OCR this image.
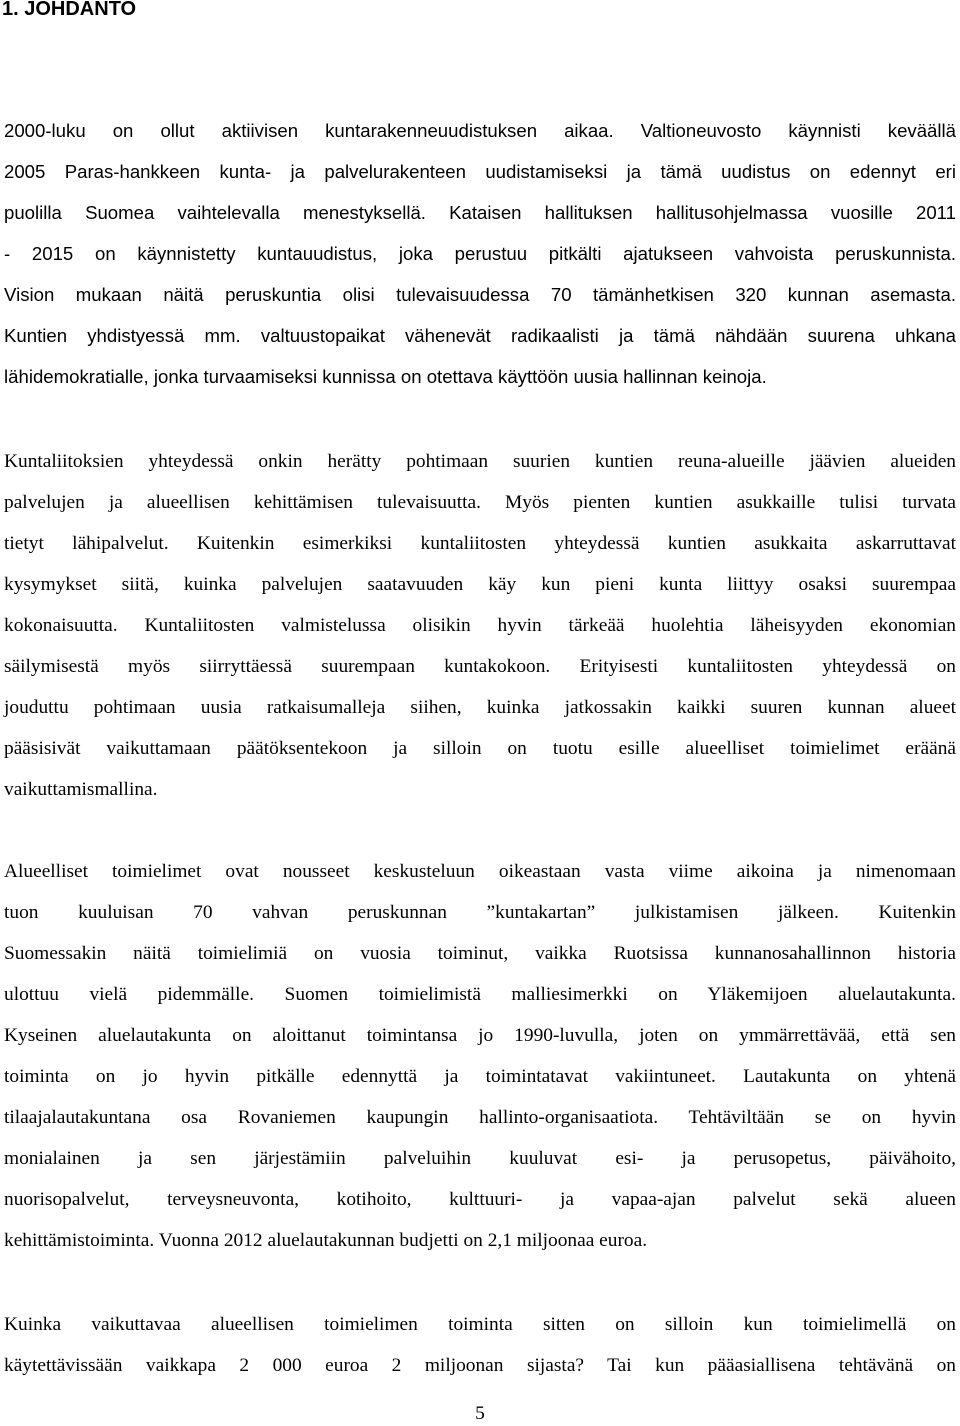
1. JOHDANTO
2000-luku on ollut aktiivisen kuntarakenneuudistuksen aikaa. Valtioneuvosto käynnisti keväällä
2005 Paras-hankkeen kunta- ja palvelurakenteen uudistamiseksi ja tämä uudistus on edennyt eri
puolilla Suomea vaihtelevalla menestyksellä. Kataisen hallituksen hallitusohjelmassa vuosille 2011
- 2015 on käynnistetty kuntauudistus, joka perustuu pitkälti ajatukseen vahvoista peruskunnista.
Vision mukaan näitä peruskuntia olisi tulevaisuudessa 70 tämänhetkisen 320 kunnan asemasta.
Kuntien yhdistyessä mm. valtuustopaikat vähenevät radikaalisti ja tämä nähdään suurena uhkana
lähidemokratialle, jonka turvaamiseksi kunnissa on otettava käyttöön uusia hallinnan keinoja.
Kuntaliitoksien yhteydessä onkin herätty pohtimaan suurien kuntien reuna-alueille jäävien alueiden
palvelujen ja alueellisen kehittämisen tulevaisuutta. Myös pienten kuntien asukkaille tulisi turvata
tietyt lähipalvelut. Kuitenkin esimerkiksi kuntaliitosten yhteydessä kuntien asukkaita askarruttavat
kysymykset siitä, kuinka palvelujen saatavuuden käy kun pieni kunta liittyy osaksi suurempaa
kokonaisuutta. Kuntaliitosten valmistelussa olisikin hyvin tärkeää huolehtia läheisyyden ekonomian
säilymisestä myös siirryttäessä suurempaan kuntakokoon. Erityisesti kuntaliitosten yhteydessä on
jouduttu pohtimaan uusia ratkaisumalleja siihen, kuinka jatkossakin kaikki suuren kunnan alueet
pääsisivät vaikuttamaan päätöksentekoon ja silloin on tuotu esille alueelliset toimielimet eräänä
vaikuttamismallina.
Alueelliset toimielimet ovat nousseet keskusteluun oikeastaan vasta viime aikoina ja nimenomaan
tuon kuuluisan 70 vahvan peruskunnan ”kuntakartan” julkistamisen jälkeen. Kuitenkin
Suomessakin näitä toimielimiä on vuosia toiminut, vaikka Ruotsissa kunnanosahallinnon historia
ulottuu vielä pidemmälle. Suomen toimielimistä malliesimerkki on Yläkemijoen aluelautakunta.
Kyseinen aluelautakunta on aloittanut toimintansa jo 1990-luvulla, joten on ymmärrettävää, että sen
toiminta on jo hyvin pitkälle edennyttä ja toimintatavat vakiintuneet. Lautakunta on yhtenä
tilaajalautakuntana osa Rovaniemen kaupungin hallinto-organisaatiota. Tehtäviltään se on hyvin
monialainen ja sen järjestämiin palveluihin kuuluvat esi- ja perusopetus, päivähoito,
nuorisopalvelut, terveysneuvonta, kotihoito, kulttuuri- ja vapaa-ajan palvelut sekä alueen
kehittämistoiminta. Vuonna 2012 aluelautakunnan budjetti on 2,1 miljoonaa euroa.
Kuinka vaikuttavaa alueellisen toimielimen toiminta sitten on silloin kun toimielimellä on
käytettävissään vaikkapa 2 000 euroa 2 miljoonan sijasta? Tai kun pääasiallisena tehtävänä on
5
